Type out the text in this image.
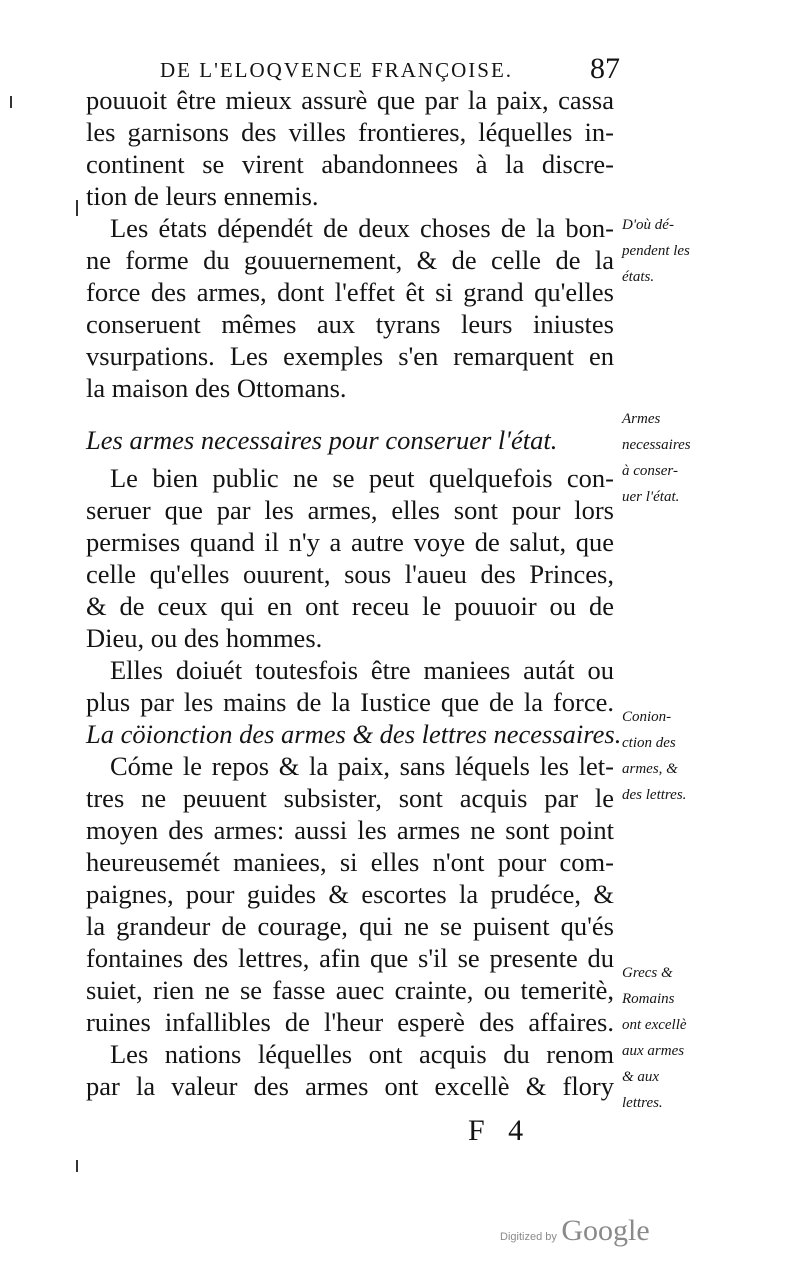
DE L'ELOQVENCE FRANÇOISE.	87
pouuoit être mieux assurè que par la paix, cassa
les garnisons des villes frontieres, léquelles in-
continent se virent abandonnees à la discre-
tion de leurs ennemis.
Les états dépendét de deux choses de la bon-
ne forme du gouuernement, & de celle de la
force des armes, dont l'effet êt si grand qu'elles
conseruent mêmes aux tyrans leurs iniustes
vsurpations. Les exemples s'en remarquent en
la maison des Ottomans.
Les armes necessaires pour conseruer l'état.
Le bien public ne se peut quelquefois con-
seruer que par les armes, elles sont pour lors
permises quand il n'y a autre voye de salut, que
celle qu'elles ouurent, sous l'aueu des Princes,
& de ceux qui en ont receu le pouuoir ou de
Dieu, ou des hommes.
Elles doiuét toutesfois être maniees autát ou
plus par les mains de la Iustice que de la force.
La cöionction des armes & des lettres necessaires.
Cóme le repos & la paix, sans léquels les let-
tres ne peuuent subsister, sont acquis par le
moyen des armes: aussi les armes ne sont point
heureusemét maniees, si elles n'ont pour com-
paignes, pour guides & escortes la prudéce, &
la grandeur de courage, qui ne se puisent qu'és
fontaines des lettres, afin que s'il se presente du
suiet, rien ne se fasse auec crainte, ou temeritè,
ruines infallibles de l'heur esperè des affaires.
Les nations léquelles ont acquis du renom
par la valeur des armes ont excellè & flory
D'où dé-
pendent les
états.
Armes
necessaires
à conser-
uer l'état.
Conion-
ction des
armes, &
des lettres.
Grecs &
Romains
ont excellè
aux armes
& aux
lettres.
F 4
Digitized by Google
